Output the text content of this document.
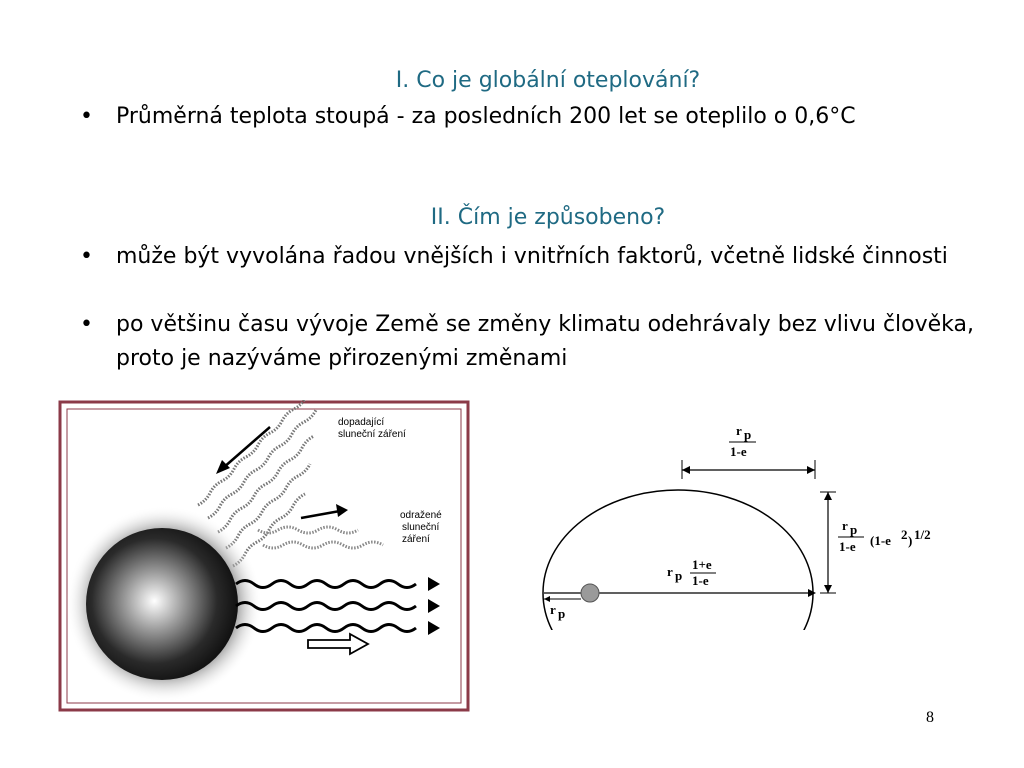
I. Co je globální oteplování?
• Průměrná teplota stoupá - za posledních 200 let se oteplilo o 0,6°C
II. Čím je způsobeno?
• může být vyvolána řadou vnějších i vnitřních faktorů, včetně lidské činnosti
• po většinu času vývoje Země se změny klimatu odehrávaly bez vlivu člověka, proto je nazýváme přirozenými změnami
dopadající
sluneční záření
odražené
sluneční
záření
r p
1-e
r p
1-e (1-e 2 ) 1/2
r p
1+e
1-e
r p
8
